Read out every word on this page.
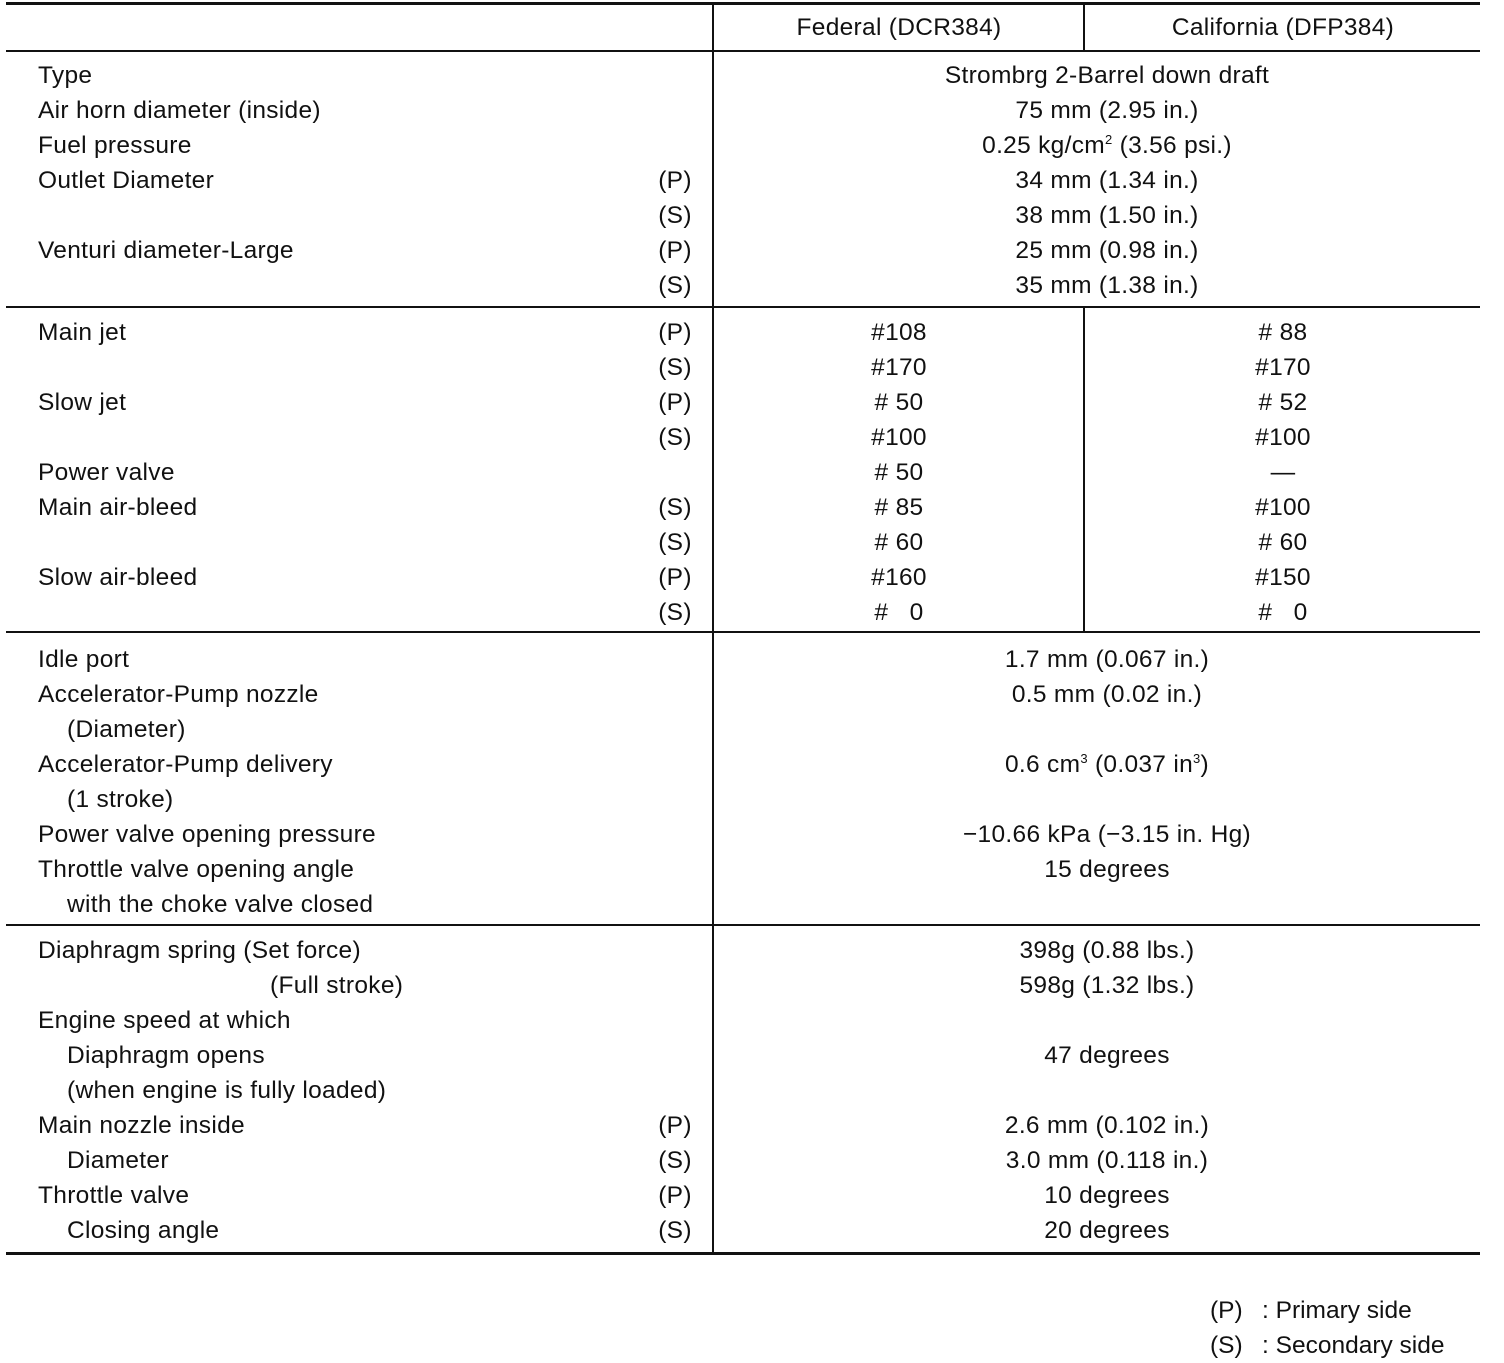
Federal (DCR384)	California (DFP384)
Type	Strombrg 2-Barrel down draft
Air horn diameter (inside)	75 mm (2.95 in.)
Fuel pressure	0.25 $kg/cm^2$ (3.56 psi.)
Outlet Diameter	(P)	34 mm (1.34 in.)
(S)	38 mm (1.50 in.)
Venturi diameter-Large	(P)	25 mm (0.98 in.)
(S)	35 mm (1.38 in.)
Main jet	(P)	#108	# 88
(S)	#170	#170
Slow jet	(P)	# 50	# 52
(S)	#100	#100
Power valve	# 50	—
Main air-bleed	(S)	# 85	#100
(S)	# 60	# 60
Slow air-bleed	(P)	#160	#150
(S)	#   0	#   0
Idle port	1.7 mm (0.067 in.)
Accelerator-Pump nozzle	0.5 mm (0.02 in.)
(Diameter)
Accelerator-Pump delivery	0.6 $cm^3$ (0.037 $in^3$)
(1 stroke)
Power valve opening pressure	−10.66 kPa (−3.15 in. Hg)
Throttle valve opening angle	15 degrees
with the choke valve closed
Diaphragm spring (Set force)	398g (0.88 lbs.)
(Full stroke)	598g (1.32 lbs.)
Engine speed at which
Diaphragm opens	47 degrees
(when engine is fully loaded)
Main nozzle inside	(P)	2.6 mm (0.102 in.)
Diameter	(S)	3.0 mm (0.118 in.)
Throttle valve	(P)	10 degrees
Closing angle	(S)	20 degrees
(P) : Primary side
(S) : Secondary side
